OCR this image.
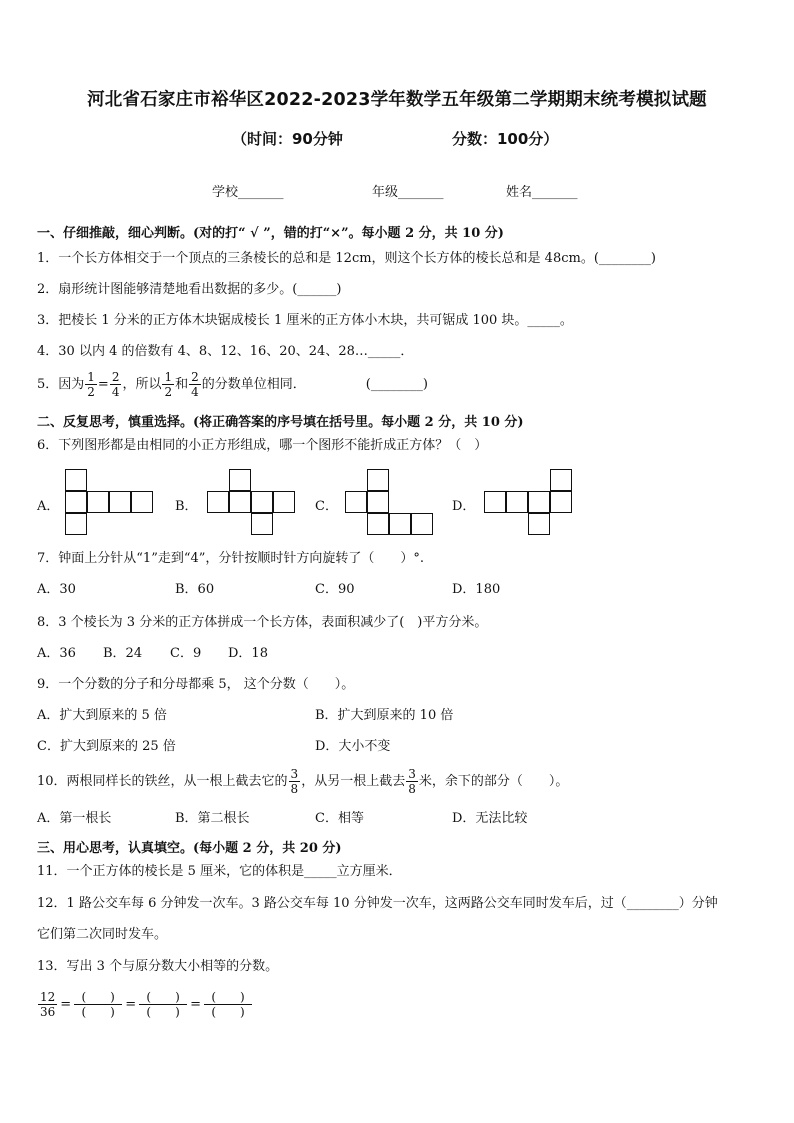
河北省石家庄市裕华区2022-2023学年数学五年级第二学期期末统考模拟试题
（时间：90分钟	分数：100分）
学校_______	年级_______	姓名_______
一、仔细推敲，细心判断。(对的打“ √ ”，错的打“×”。每小题 2 分，共 10 分)
1．一个长方体相交于一个顶点的三条棱长的总和是 12cm，则这个长方体的棱长总和是 48cm。(________)
2．扇形统计图能够清楚地看出数据的多少。(______)
3．把棱长 1 分米的正方体木块锯成棱长 1 厘米的正方体小木块，共可锯成 100 块。_____。
4．30 以内 4 的倍数有 4、8、12、16、20、24、28…_____．
5．因为 $\frac{1}{2} = \frac{2}{4}$ ，所以 $\frac{1}{2}$ 和 $\frac{2}{4}$ 的分数单位相同．	(________)
二、反复思考，慎重选择。(将正确答案的序号填在括号里。每小题 2 分，共 10 分)
6．下列图形都是由相同的小正方形组成，哪一个图形不能折成正方体？（　）
A．	B．	C．	D．
7．钟面上分针从“1”走到“4”，分针按顺时针方向旋转了（　　）°.
A．30	B．60	C．90	D．180
8．3 个棱长为 3 分米的正方体拼成一个长方体，表面积减少了(　)平方分米。
A．36 B．24 C．9 D．18
9．一个分数的分子和分母都乘 5， 这个分数（　　）。
A．扩大到原来的 5 倍	B．扩大到原来的 10 倍
C．扩大到原来的 25 倍	D．大小不变
10．两根同样长的铁丝，从一根上截去它的 $\frac{3}{8}$ ，从另一根上截去 $\frac{3}{8}$ 米，余下的部分（　　）。
A．第一根长	B．第二根长	C．相等	D．无法比较
三、用心思考，认真填空。(每小题 2 分，共 20 分)
11．一个正方体的棱长是 5 厘米，它的体积是_____立方厘米．
12．1 路公交车每 6 分钟发一次车。3 路公交车每 10 分钟发一次车，这两路公交车同时发车后，过（________）分钟
它们第二次同时发车。
13．写出 3 个与原分数大小相等的分数。
$\frac{12}{36} = \frac{( )}{( )} = \frac{( )}{( )} = \frac{( )}{( )}$
